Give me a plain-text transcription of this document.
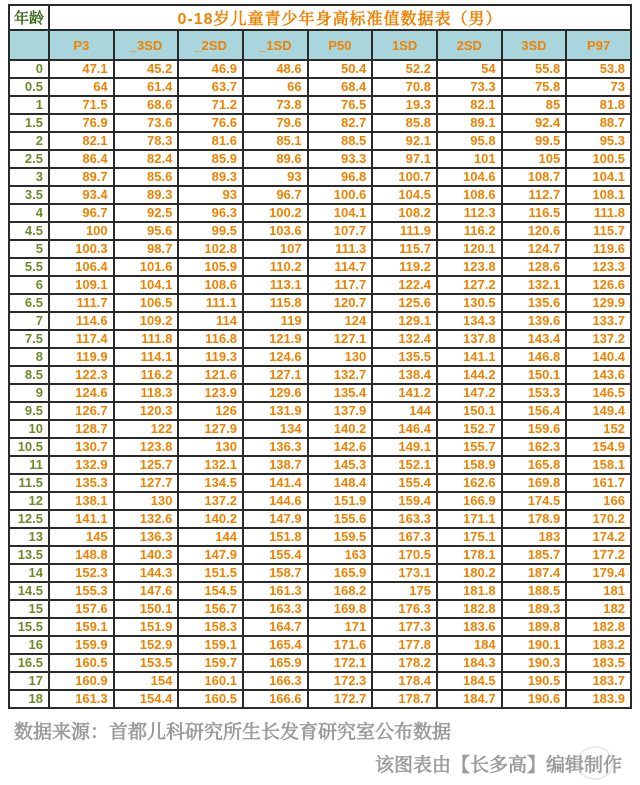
年龄	0-18岁儿童青少年身高标准值数据表（男）								
	P3	_3SD	_2SD	_1SD	P50	1SD	2SD	3SD	P97
0	47.1	45.2	46.9	48.6	50.4	52.2	54	55.8	53.8
0.5	64	61.4	63.7	66	68.4	70.8	73.3	75.8	73
1	71.5	68.6	71.2	73.8	76.5	19.3	82.1	85	81.8
1.5	76.9	73.6	76.6	79.6	82.7	85.8	89.1	92.4	88.7
2	82.1	78.3	81.6	85.1	88.5	92.1	95.8	99.5	95.3
2.5	86.4	82.4	85.9	89.6	93.3	97.1	101	105	100.5
3	89.7	85.6	89.3	93	96.8	100.7	104.6	108.7	104.1
3.5	93.4	89.3	93	96.7	100.6	104.5	108.6	112.7	108.1
4	96.7	92.5	96.3	100.2	104.1	108.2	112.3	116.5	111.8
4.5	100	95.6	99.5	103.6	107.7	111.9	116.2	120.6	115.7
5	100.3	98.7	102.8	107	111.3	115.7	120.1	124.7	119.6
5.5	106.4	101.6	105.9	110.2	114.7	119.2	123.8	128.6	123.3
6	109.1	104.1	108.6	113.1	117.7	122.4	127.2	132.1	126.6
6.5	111.7	106.5	111.1	115.8	120.7	125.6	130.5	135.6	129.9
7	114.6	109.2	114	119	124	129.1	134.3	139.6	133.7
7.5	117.4	111.8	116.8	121.9	127.1	132.4	137.8	143.4	137.2
8	119.9	114.1	119.3	124.6	130	135.5	141.1	146.8	140.4
8.5	122.3	116.2	121.6	127.1	132.7	138.4	144.2	150.1	143.6
9	124.6	118.3	123.9	129.6	135.4	141.2	147.2	153.3	146.5
9.5	126.7	120.3	126	131.9	137.9	144	150.1	156.4	149.4
10	128.7	122	127.9	134	140.2	146.4	152.7	159.6	152
10.5	130.7	123.8	130	136.3	142.6	149.1	155.7	162.3	154.9
11	132.9	125.7	132.1	138.7	145.3	152.1	158.9	165.8	158.1
11.5	135.3	127.7	134.5	141.4	148.4	155.4	162.6	169.8	161.7
12	138.1	130	137.2	144.6	151.9	159.4	166.9	174.5	166
12.5	141.1	132.6	140.2	147.9	155.6	163.3	171.1	178.9	170.2
13	145	136.3	144	151.8	159.5	167.3	175.1	183	174.2
13.5	148.8	140.3	147.9	155.4	163	170.5	178.1	185.7	177.2
14	152.3	144.3	151.5	158.7	165.9	173.1	180.2	187.4	179.4
14.5	155.3	147.6	154.5	161.3	168.2	175	181.8	188.5	181
15	157.6	150.1	156.7	163.3	169.8	176.3	182.8	189.3	182
15.5	159.1	151.9	158.3	164.7	171	177.3	183.6	189.8	182.8
16	159.9	152.9	159.1	165.4	171.6	177.8	184	190.1	183.2
16.5	160.5	153.5	159.7	165.9	172.1	178.2	184.3	190.3	183.5
17	160.9	154	160.1	166.3	172.3	178.4	184.5	190.5	183.7
18	161.3	154.4	160.5	166.6	172.7	178.7	184.7	190.6	183.9
数据来源：首都儿科研究所生长发育研究室公布数据
该图表由【长多高】编辑制作
